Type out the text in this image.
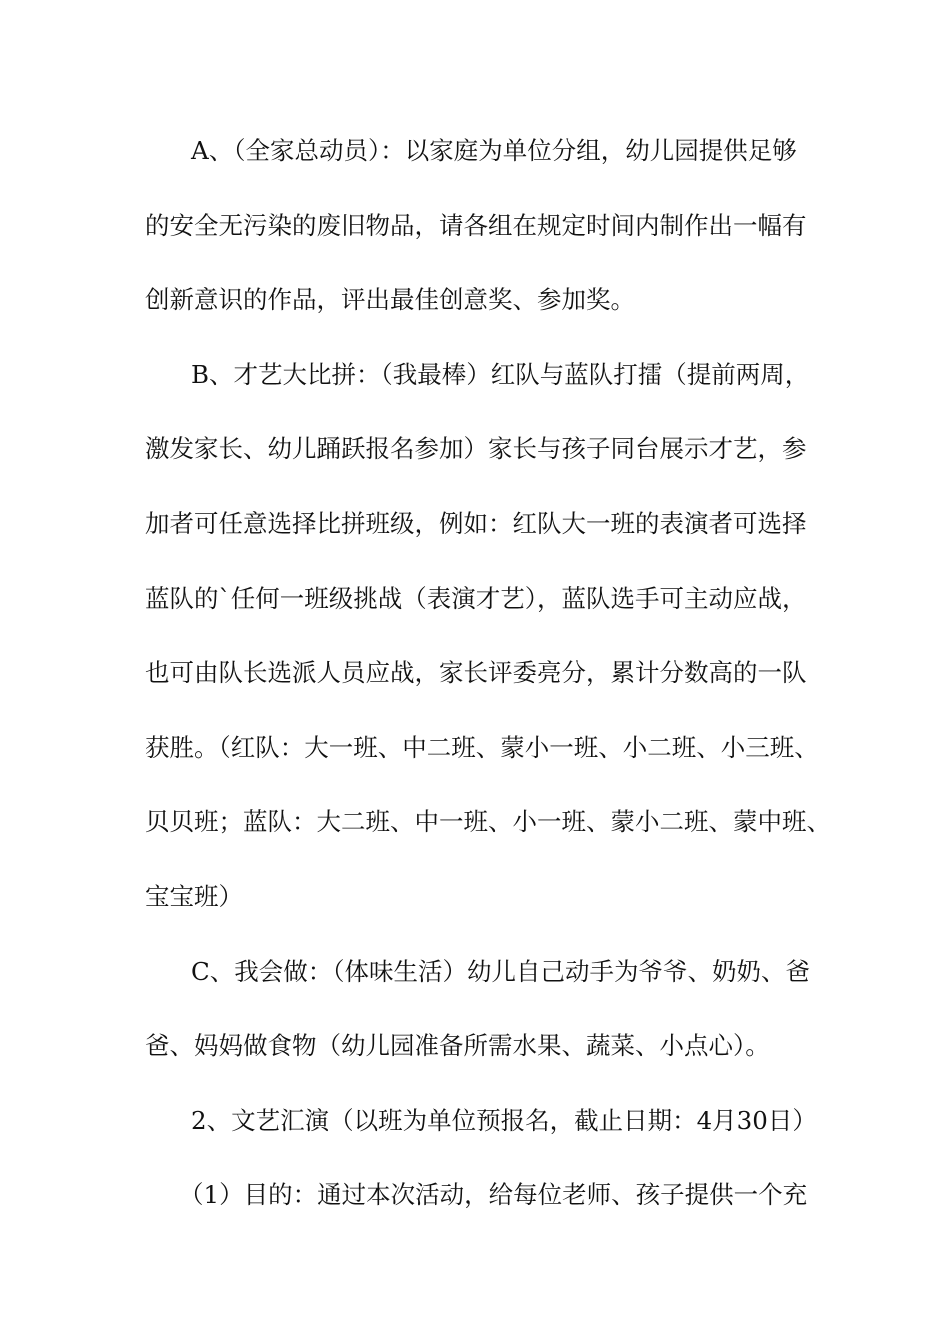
A、（全家总动员）：以家庭为单位分组，幼儿园提供足够
的安全无污染的废旧物品，请各组在规定时间内制作出一幅有
创新意识的作品，评出最佳创意奖、参加奖。
B、才艺大比拼：（我最棒）红队与蓝队打擂（提前两周，
激发家长、幼儿踊跃报名参加）家长与孩子同台展示才艺，参
加者可任意选择比拼班级，例如：红队大一班的表演者可选择
蓝队的`任何一班级挑战（表演才艺），蓝队选手可主动应战，
也可由队长选派人员应战，家长评委亮分，累计分数高的一队
获胜。（红队：大一班、中二班、蒙小一班、小二班、小三班、
贝贝班；蓝队：大二班、中一班、小一班、蒙小二班、蒙中班、
宝宝班）
C、我会做：（体味生活）幼儿自己动手为爷爷、奶奶、爸
爸、妈妈做食物（幼儿园准备所需水果、蔬菜、小点心）。
2、文艺汇演（以班为单位预报名，截止日期：4月30日）
（1）目的：通过本次活动，给每位老师、孩子提供一个充
